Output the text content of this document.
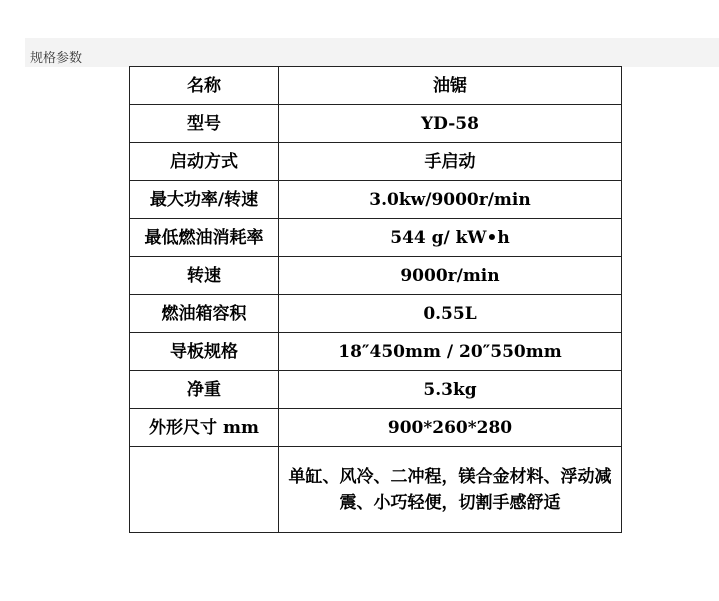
规格参数
名称	油锯
型号	YD-58
启动方式	手启动
最大功率/转速	3.0kw/9000r/min
最低燃油消耗率	544 g/ kW•h
转速	9000r/min
燃油箱容积	0.55L
导板规格	18″450mm / 20″550mm
净重	5.3kg
外形尺寸 mm	900*260*280
	单缸、风冷、二冲程，镁合金材料、浮动减震、小巧轻便，切割手感舒适
